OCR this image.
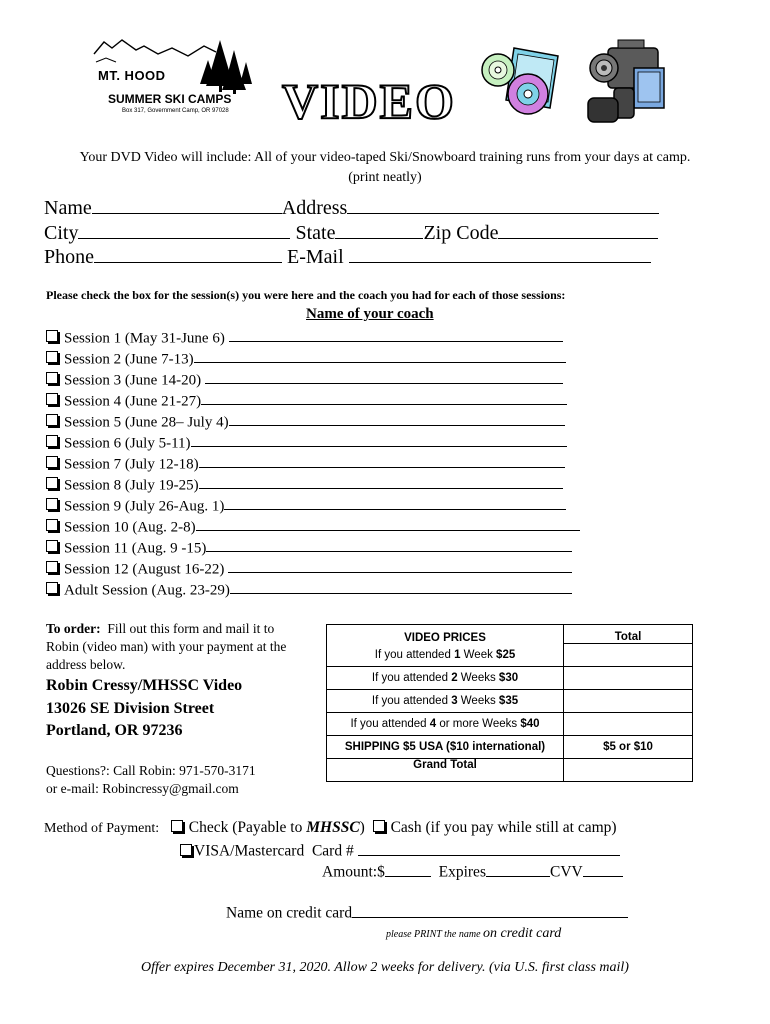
MT. HOOD
SUMMER SKI CAMPS
Box 317, Government Camp, OR 97028 VIDEO
Your DVD Video will include: All of your video-taped Ski/Snowboard training runs from your days at camp.
(print neatly)
Name	Address
City	State	Zip Code
Phone	E-Mail
Please check the box for the session(s) you were here and the coach you had for each of those sessions:
Name of your coach
Session 1 (May 31-June 6)
Session 2 (June 7-13)
Session 3 (June 14-20)
Session 4 (June 21-27)
Session 5 (June 28– July 4)
Session 6 (July 5-11)
Session 7 (July 12-18)
Session 8 (July 19-25)
Session 9 (July 26-Aug. 1)
Session 10 (Aug. 2-8)
Session 11 (Aug. 9 -15)
Session 12 (August 16-22)
Adult Session (Aug. 23-29)
To order: Fill out this form and mail it to
Robin (video man) with your payment at the
address below.
Robin Cressy/MHSSC Video
13026 SE Division Street
Portland, OR 97236
Questions?: Call Robin: 971-570-3171
or e-mail: Robincressy@gmail.com
VIDEO PRICES	Total
If you attended 1 Week $25	
If you attended 2 Weeks $30	
If you attended 3 Weeks $35	
If you attended 4 or more Weeks $40	
SHIPPING $5 USA ($10 international)	$5 or $10
Grand Total	
Method of Payment: Check (Payable to MHSSC) Cash (if you pay while still at camp)
VISA/Mastercard Card #
Amount:$	Expires	CVV
Name on credit card
please PRINT the name on credit card
Offer expires December 31, 2020. Allow 2 weeks for delivery. (via U.S. first class mail)
